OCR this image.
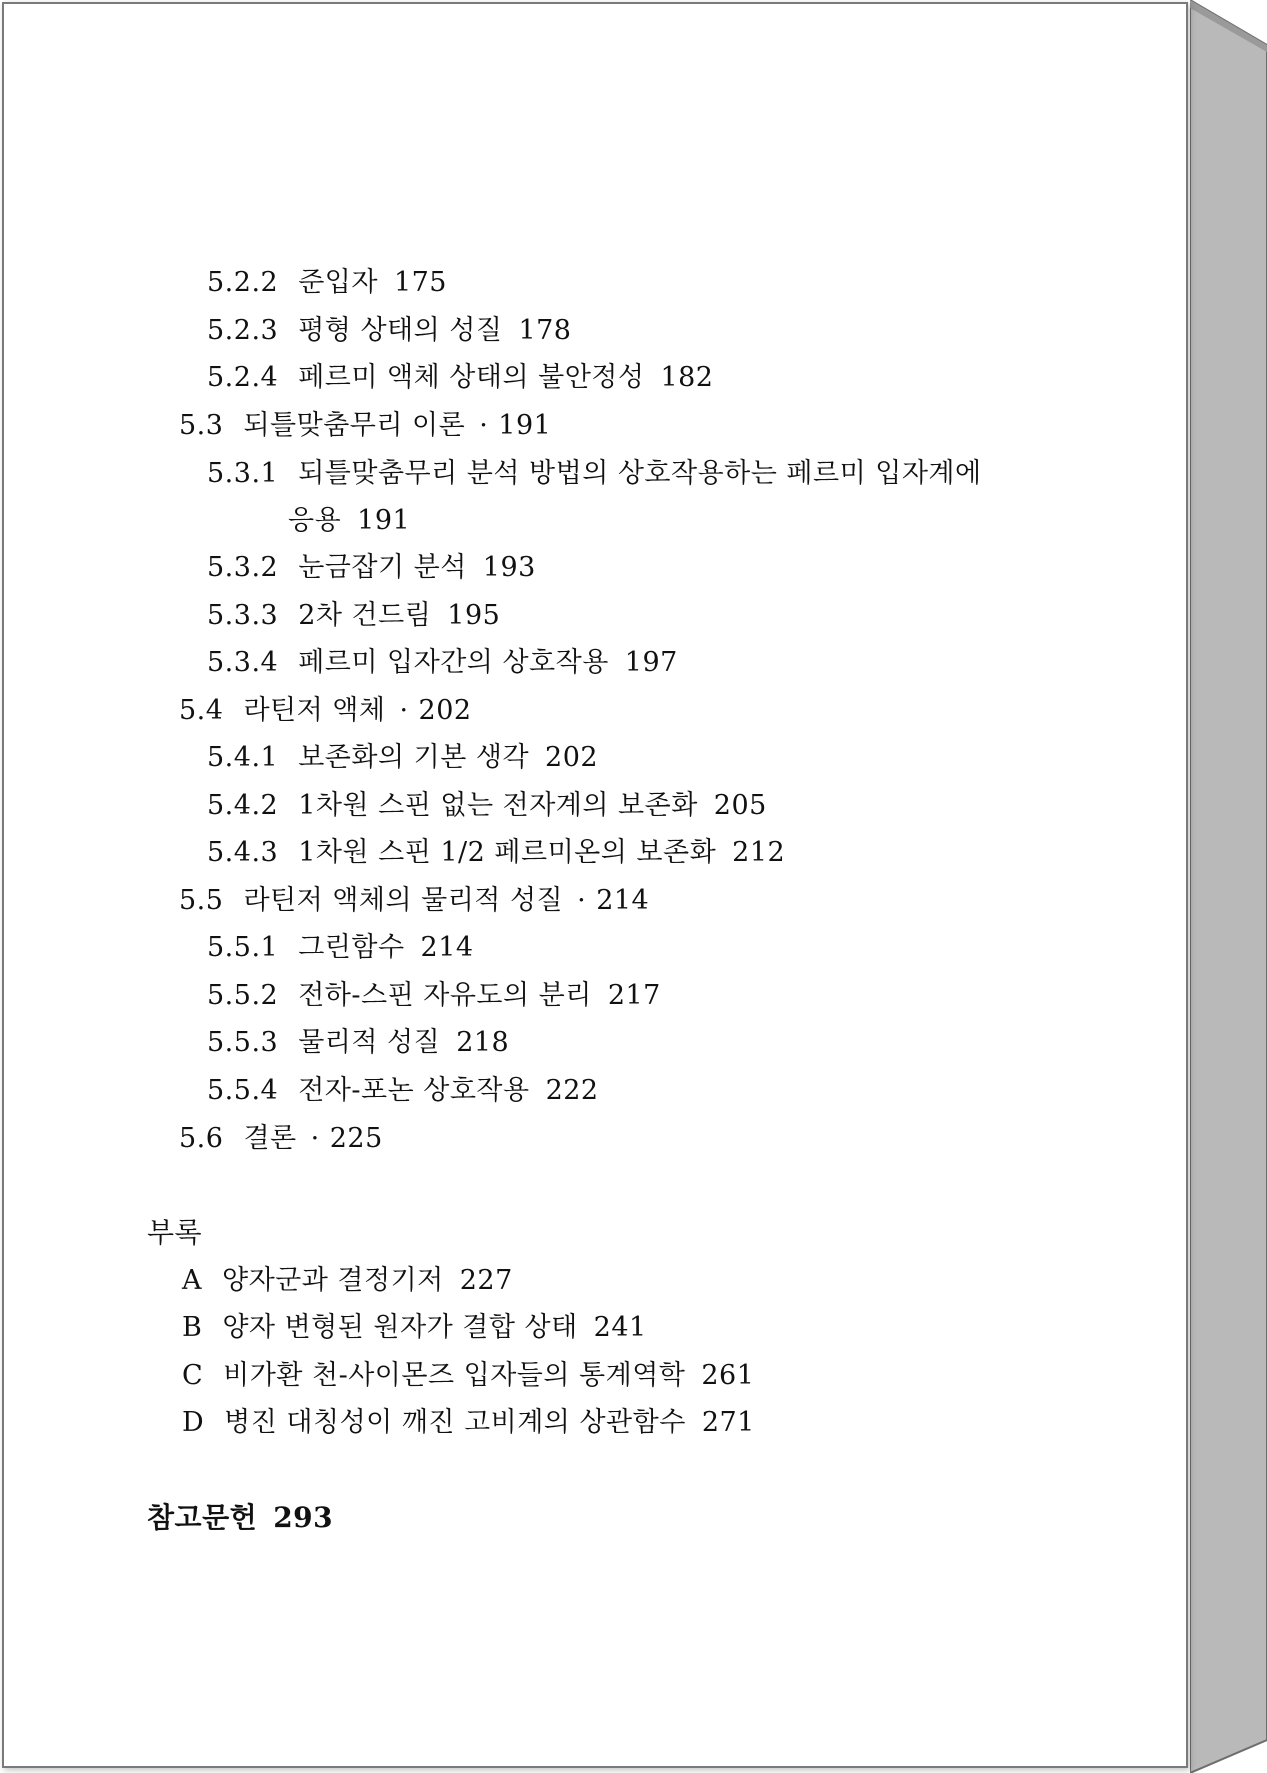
5.2.2 준입자 175
5.2.3 평형 상태의 성질 178
5.2.4 페르미 액체 상태의 불안정성 182
5.3 되틀맞춤무리 이론 · 191
5.3.1 되틀맞춤무리 분석 방법의 상호작용하는 페르미 입자계에
응용 191
5.3.2 눈금잡기 분석 193
5.3.3 2차 건드림 195
5.3.4 페르미 입자간의 상호작용 197
5.4 라틴저 액체 · 202
5.4.1 보존화의 기본 생각 202
5.4.2 1차원 스핀 없는 전자계의 보존화 205
5.4.3 1차원 스핀 1/2 페르미온의 보존화 212
5.5 라틴저 액체의 물리적 성질 · 214
5.5.1 그린함수 214
5.5.2 전하-스핀 자유도의 분리 217
5.5.3 물리적 성질 218
5.5.4 전자-포논 상호작용 222
5.6 결론 · 225
부록
A 양자군과 결정기저 227
B 양자 변형된 원자가 결합 상태 241
C 비가환 천-사이몬즈 입자들의 통계역학 261
D 병진 대칭성이 깨진 고비계의 상관함수 271
참고문헌 293
